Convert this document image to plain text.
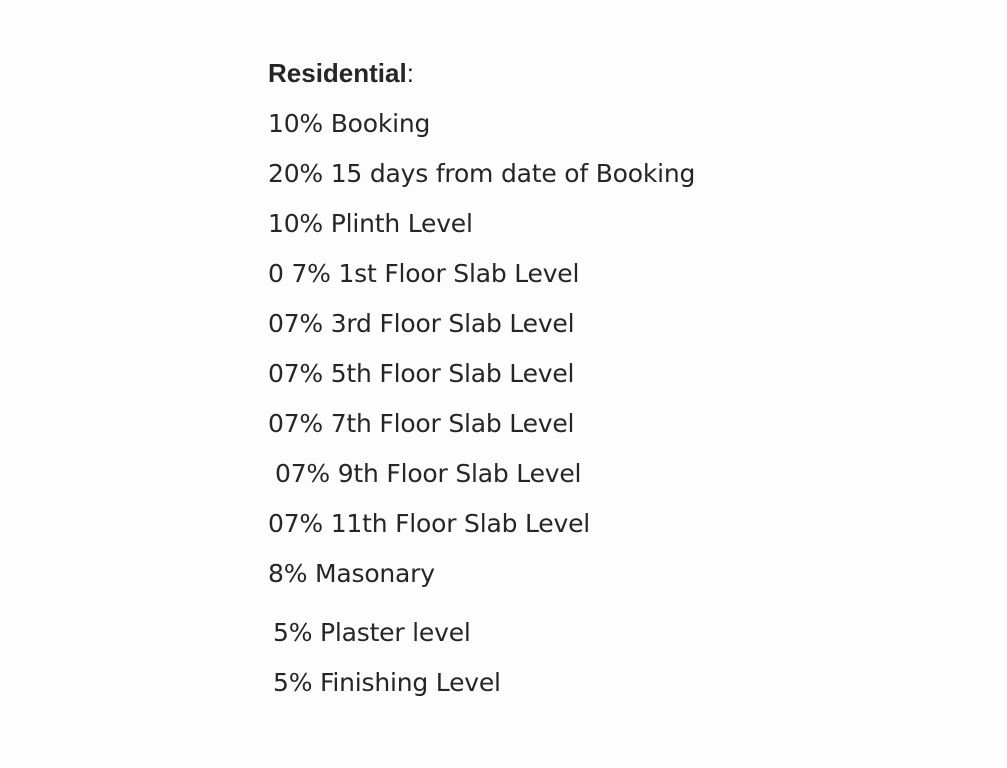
Residential:
10% Booking
20% 15 days from date of Booking
10% Plinth Level
0 7% 1st Floor Slab Level
07% 3rd Floor Slab Level
07% 5th Floor Slab Level
07% 7th Floor Slab Level
07% 9th Floor Slab Level
07% 11th Floor Slab Level
8% Masonary
5% Plaster level
5% Finishing Level
